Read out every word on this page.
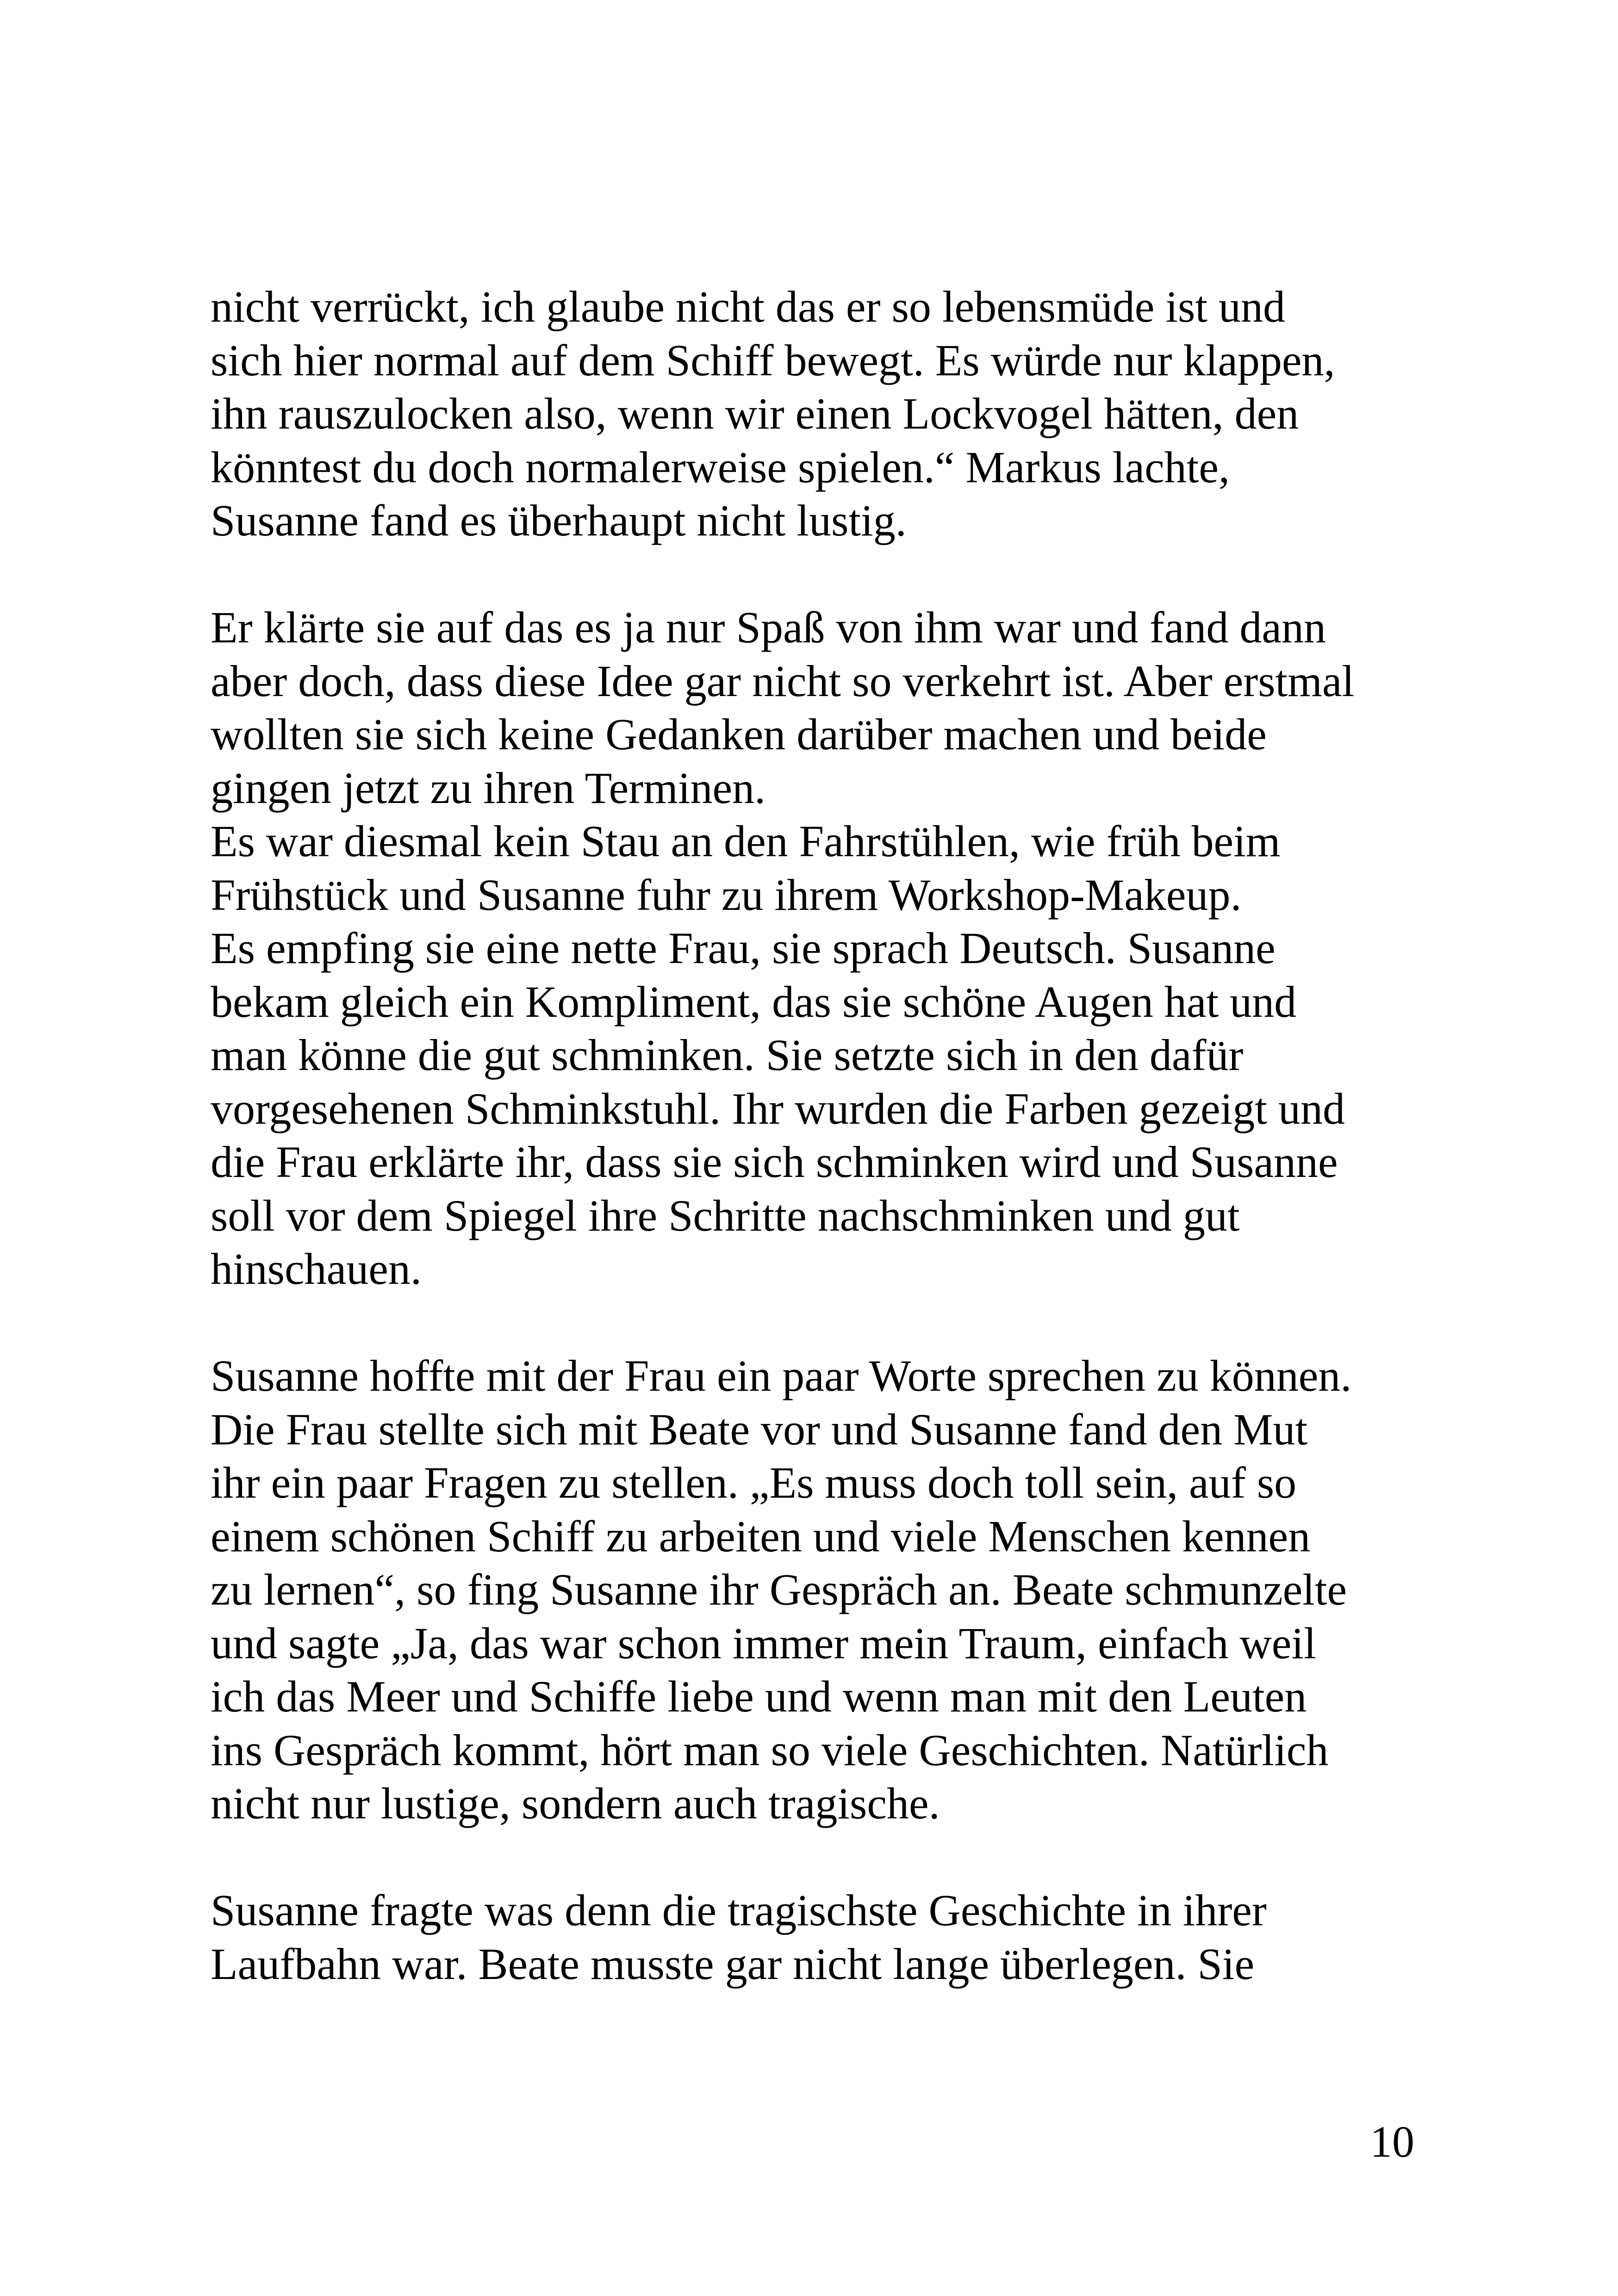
nicht verrückt, ich glaube nicht das er so lebensmüde ist und
sich hier normal auf dem Schiff bewegt. Es würde nur klappen,
ihn rauszulocken also, wenn wir einen Lockvogel hätten, den
könntest du doch normalerweise spielen.“ Markus lachte,
Susanne fand es überhaupt nicht lustig.
Er klärte sie auf das es ja nur Spaß von ihm war und fand dann
aber doch, dass diese Idee gar nicht so verkehrt ist. Aber erstmal
wollten sie sich keine Gedanken darüber machen und beide
gingen jetzt zu ihren Terminen.
Es war diesmal kein Stau an den Fahrstühlen, wie früh beim
Frühstück und Susanne fuhr zu ihrem Workshop-Makeup.
Es empfing sie eine nette Frau, sie sprach Deutsch. Susanne
bekam gleich ein Kompliment, das sie schöne Augen hat und
man könne die gut schminken. Sie setzte sich in den dafür
vorgesehenen Schminkstuhl. Ihr wurden die Farben gezeigt und
die Frau erklärte ihr, dass sie sich schminken wird und Susanne
soll vor dem Spiegel ihre Schritte nachschminken und gut
hinschauen.
Susanne hoffte mit der Frau ein paar Worte sprechen zu können.
Die Frau stellte sich mit Beate vor und Susanne fand den Mut
ihr ein paar Fragen zu stellen. „Es muss doch toll sein, auf so
einem schönen Schiff zu arbeiten und viele Menschen kennen
zu lernen“, so fing Susanne ihr Gespräch an. Beate schmunzelte
und sagte „Ja, das war schon immer mein Traum, einfach weil
ich das Meer und Schiffe liebe und wenn man mit den Leuten
ins Gespräch kommt, hört man so viele Geschichten. Natürlich
nicht nur lustige, sondern auch tragische.
Susanne fragte was denn die tragischste Geschichte in ihrer
Laufbahn war. Beate musste gar nicht lange überlegen. Sie
10
